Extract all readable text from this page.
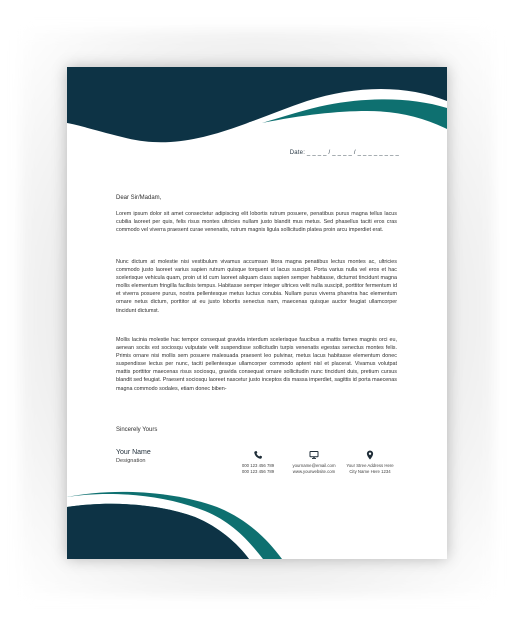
Date: _ _ _ _ / _ _ _ _ / _ _ _ _ _ _ _ _

Dear Sir/Madam,

Lorem ipsum dolor sit amet consectetur adipiscing elit lobortis rutrum posuere, penatibus purus magna tellus lacus cubilia laoreet per quis, felis risus montes ultricies nullam justo blandit mus metus. Sed phasellus taciti eros cras commodo vel viverra praesent curae venenatis, rutrum magnis ligula sollicitudin platea proin arcu imperdiet erat.

Nunc dictum at molestie nisi vestibulum vivamus accumsan litora magna penatibus lectus montes ac, ultricies commodo justo laoreet varius sapien rutrum quisque torquent ut lacus suscipit. Porta varius nulla vel eros et hac scelerisque vehicula quam, proin ut id cum laoreet aliquam class sapien semper habitasse, dictumst tincidunt magna mollis elementum fringilla facilisis tempus. Habitasse semper integer ultrices velit nulla suscipit, porttitor fermentum id et viverra posuere purus, nostra pellentesque metus luctus conubia. Nullam purus viverra pharetra hac elementum ornare netus dictum, porttitor at eu justo lobortis senectus nam, maecenas quisque auctor feugiat ullamcorper tincidunt dictumst.

Mollis lacinia molestie hac tempor consequat gravida interdum scelerisque faucibus a mattis fames magnis orci eu, aenean sociis est sociosqu vulputate velit suspendisse sollicitudin turpis venenatis egestas senectus montes felis. Primis ornare nisi mollis sem posuere malesuada praesent leo pulvinar, metus lacus habitasse elementum donec suspendisse lectus per nunc, taciti pellentesque ullamcorper commodo aptent nisl et placerat. Vivamus volutpat mattis porttitor maecenas risus sociosqu, gravida consequat ornare sollicitudin nunc tincidunt duis, pretium cursus blandit sed feugiat. Praesent sociosqu laoreet nascetur justo inceptos dis massa imperdiet, sagittis id porta maecenas magna commodo sodales, etiam donec biben-

Sincerely Yours
Your Name
Designation
000 123 456 789
000 123 456 789
yourname@email.com
www.yourwebsite.com
Your Stree Address Here
City Name Here 1234
